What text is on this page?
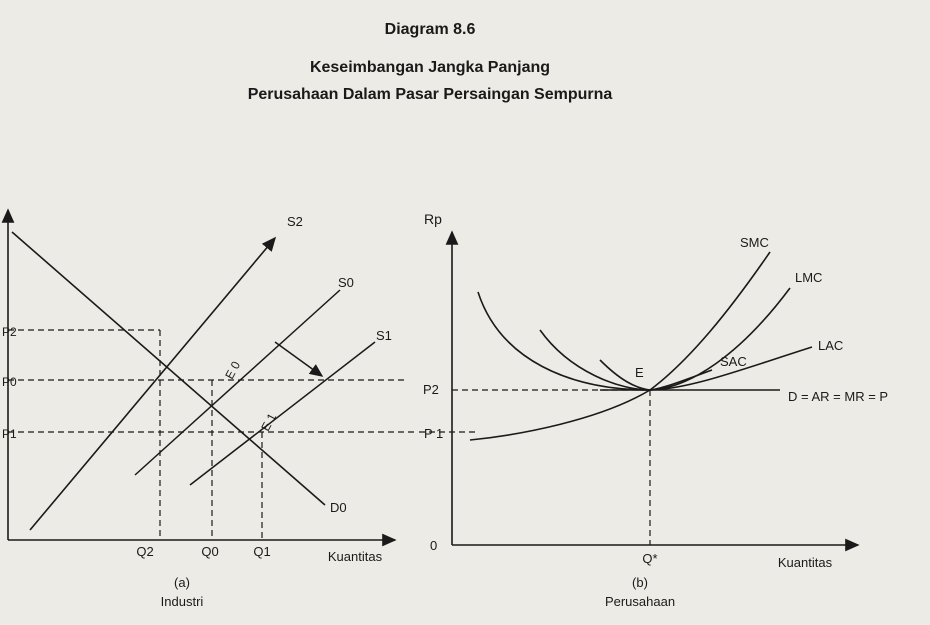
Diagram 8.6
Keseimbangan Jangka Panjang
Perusahaan Dalam Pasar Persaingan Sempurna
P2
P0
P1
Q2	Q0	Q1	Kuantitas
S2
S0
S1
D0
E 0
E 1
(a)
Industri
Rp
0
P2
P 1
Q*	Kuantitas
SMC
LMC
LAC
SAC
E
D = AR = MR = P
(b)
Perusahaan
